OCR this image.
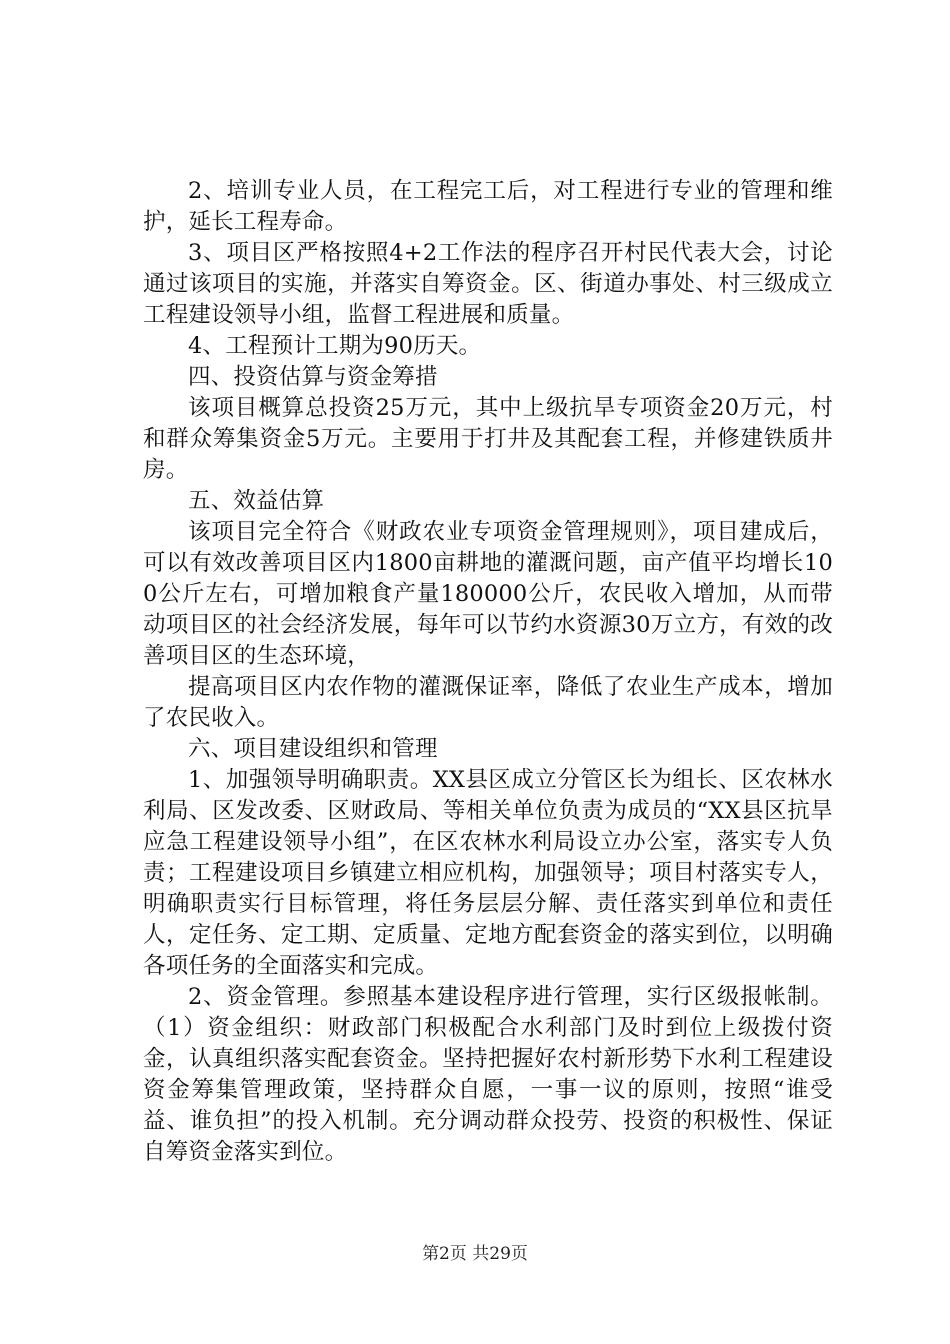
2、培训专业人员，在工程完工后，对工程进行专业的管理和维护，延长工程寿命。

3、项目区严格按照4+2工作法的程序召开村民代表大会，讨论通过该项目的实施，并落实自筹资金。区、街道办事处、村三级成立工程建设领导小组，监督工程进展和质量。

4、工程预计工期为90历天。

四、投资估算与资金筹措

该项目概算总投资25万元，其中上级抗旱专项资金20万元，村和群众筹集资金5万元。主要用于打井及其配套工程，并修建铁质井房。

五、效益估算

该项目完全符合《财政农业专项资金管理规则》，项目建成后，可以有效改善项目区内1800亩耕地的灌溉问题，亩产值平均增长100公斤左右，可增加粮食产量180000公斤，农民收入增加，从而带动项目区的社会经济发展，每年可以节约水资源30万立方，有效的改善项目区的生态环境，

提高项目区内农作物的灌溉保证率，降低了农业生产成本，增加了农民收入。

六、项目建设组织和管理

1、加强领导明确职责。XX县区成立分管区长为组长、区农林水利局、区发改委、区财政局、等相关单位负责为成员的“XX县区抗旱应急工程建设领导小组”，在区农林水利局设立办公室，落实专人负责；工程建设项目乡镇建立相应机构，加强领导；项目村落实专人，明确职责实行目标管理，将任务层层分解、责任落实到单位和责任人，定任务、定工期、定质量、定地方配套资金的落实到位，以明确各项任务的全面落实和完成。

2、资金管理。参照基本建设程序进行管理，实行区级报帐制。（1）资金组织：财政部门积极配合水利部门及时到位上级拨付资金，认真组织落实配套资金。坚持把握好农村新形势下水利工程建设资金筹集管理政策，坚持群众自愿，一事一议的原则，按照“谁受益、谁负担”的投入机制。充分调动群众投劳、投资的积极性、保证自筹资金落实到位。

第2页 共29页
